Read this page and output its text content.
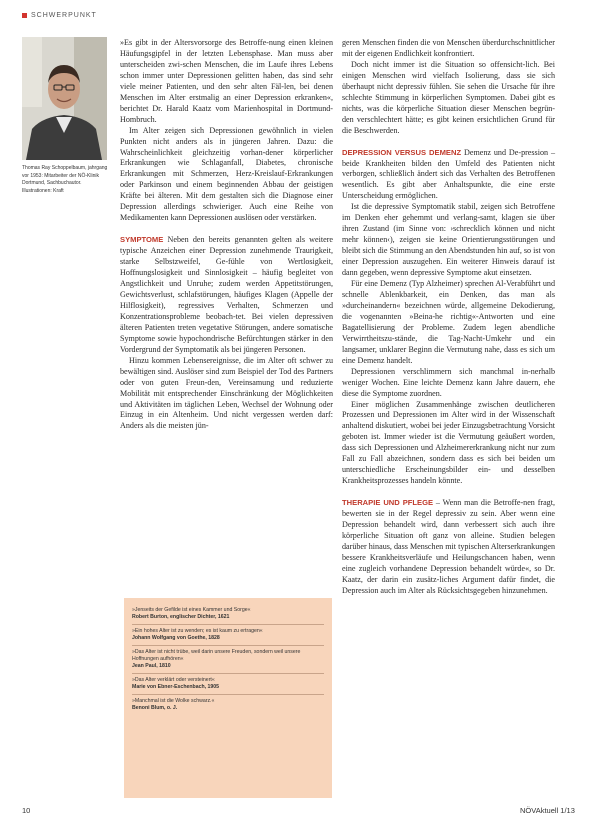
SCHWERPUNKT
Thomas Ray Schoppelbaum, jahrgang vor 1953: Mitarbeiter der NÖ-Klinik Dortmund, Sachbuchautor. Illustrationen: Kraft

»Es gibt in der Altersvorsorge des Betroffe-nung einen kleinen Häufungsgipfel in der letzten Lebensphase. Man muss aber unterscheiden zwi-schen Menschen, die im Laufe ihres Lebens schon immer unter Depressionen gelitten haben, das sind sehr viele meiner Patienten, und den sehr alten Fäl-len, bei denen Menschen im Alter erstmalig an einer Depression erkranken«, berichtet Dr. Harald Kaatz vom Marienhospital in Dortmund-Hombruch.

Im Alter zeigen sich Depressionen gewöhnlich in vielen Punkten nicht anders als in jüngeren Jahren. Dazu: die Wahrscheinlichkeit gleichzeitig vorhan-dener körperlicher Erkrankungen wie Schlaganfall, Diabetes, chronische Erkrankungen mit Schmerzen, Herz-Kreislauf-Erkrankungen oder Parkinson und einem beginnenden Abbau der geistigen Kräfte bei älteren. Mit dem gestalten sich die Diagnose einer Depression allerdings schwieriger. Auch eine Reihe von Medikamenten kann Depressionen auslösen oder verstärken.

SYMPTOME Neben den bereits genannten gelten als weitere typische Anzeichen einer Depression zunehmende Traurigkeit, starke Selbstzweifel, Ge-fühle von Wertlosigkeit, Hoffnungslosigkeit und Sinnlosigkeit – häufig begleitet von Angstlichkeit und Unruhe; zudem werden Appetitstörungen, Gewichtsverlust, schlafstörungen, häufiges Klagen (Appelle der Hilflosigkeit), regressives Verhalten, Schmerzen und Konzentrationsprobleme beobach-tet. Bei vielen depressiven älteren Patienten treten vegetative Störungen, andere somatische Symptome sowie hypochondrische Befürchtungen stärker in den Vordergrund der Symptomatik als bei jüngeren Personen.

Hinzu kommen Lebensereignisse, die im Alter oft schwer zu bewältigen sind. Auslöser sind zum Beispiel der Tod des Partners oder von guten Freun-den, Vereinsamung und reduzierte Mobilität mit entsprechender Einschränkung der Möglichkeiten und Aktivitäten im täglichen Leben, Wechsel der Wohnung oder Einzug in ein Altenheim. Und nicht vergessen werden darf: Anders als die meisten jün-

»Jenseits der Gefilde ist eines Kammer und Sorge«
Robert Burton, englischer Dichter, 1621
»Ein hohes Alter ist zu wenden; es ist kaum zu ertragen«
Johann Wolfgang von Goethe, 1828
»Das Alter ist nicht trübe, weil darin unsere Freuden, sondern weil unsere Hoffnungen aufhören«
Jean Paul, 1810
»Das Alter verklärt oder versteinert«
Marie von Ebner-Eschenbach, 1905
»Manchmal ist die Wolke schwarz.«
Benoni Blum, o. J.

geren Menschen finden die von Menschen überdurchschnittlicher mit der eigenen Endlichkeit konfrontiert.

Doch nicht immer ist die Situation so offensicht-lich. Bei einigen Menschen wird vielfach Isolierung, dass sie sich überhaupt nicht depressiv fühlen. Sie sehen die Ursache für ihre schlechte Stimmung in körperlichen Symptomen. Dabei gibt es nichts, was die körperliche Situation dieser Menschen begrün-den verschlechtert hätte; es gibt keinen ersichtlichen Grund für die Beschwerden.

DEPRESSION VERSUS DEMENZ Demenz und De-pression – beide Krankheiten bilden den Umfeld des Patienten nicht verborgen, schließlich ändert sich das Verhalten des Betroffenen wesentlich. Es gibt aber Anhaltspunkte, die eine erste Unterscheidung ermöglichen.

Ist die depressive Symptomatik stabil, zeigen sich Betroffene im Denken eher gehemmt und verlang-samt, klagen sie über ihren Zustand (im Sinne von: ›schrecklich können und nicht mehr können‹), zeigen sie keine Orientierungsstörungen und bleibt sich die Stimmung an den Abendstunden hin auf, so ist von einer Depression auszugehen. Ein weiterer Hinweis darauf ist dann gegeben, wenn depressive Symptome akut einsetzen.

Für eine Demenz (Typ Alzheimer) sprechen Al-Verabführt und schnelle Ablenkbarkeit, ein Denken, das man als »durcheinandern« bezeichnen würde, allgemeine Dekodierung, die vogenannten »Beina-he richtig«-Antworten und eine Bagatellisierung der Probleme. Zudem legen abendliche Verwirrtheitszu-stände, die Tag-Nacht-Umkehr und ein langsamer, unklarer Beginn die Vermutung nahe, dass es sich um eine Demenz handelt.

Depressionen verschlimmern sich manchmal in-nerhalb weniger Wochen. Eine leichte Demenz kann Jahre dauern, ehe diese die Symptome zuordnen.

Einer möglichen Zusammenhänge zwischen deutlicheren Prozessen und Depressionen im Alter wird in der Wissenschaft anhaltend diskutiert, wobei bei jeder Einzugsbetrachtung Vorsicht geboten ist. Immer wieder ist die Vermutung geäußert worden, dass sich Depressionen und Alzheimererkrankung nicht nur zum Fall zu Fall abzeichnen, sondern dass es sich bei beiden um unterschiedliche Erscheinungsbilder ein- und desselben Krankheitsprozesses handeln könnte.

THERAPIE UND PFLEGE – Wenn man die Betroffe-nen fragt, bewerten sie in der Regel depressiv zu sein. Aber wenn eine Depression behandelt wird, dann verbessert sich auch ihre körperliche Situation oft ganz von alleine. Studien belegen darüber hinaus, dass Menschen mit typischen Alterserkrankungen bessere Krankheitsverläufe und Heilungschancen haben, wenn eine zugleich vorhandene Depression behandelt würde«, so Dr. Kaatz, der darin ein zusätz-liches Argument dafür findet, die Depression auch im Alter als Rücksichtsgegeben hinzunehmen.

10	NÖVAktuell 1/13
